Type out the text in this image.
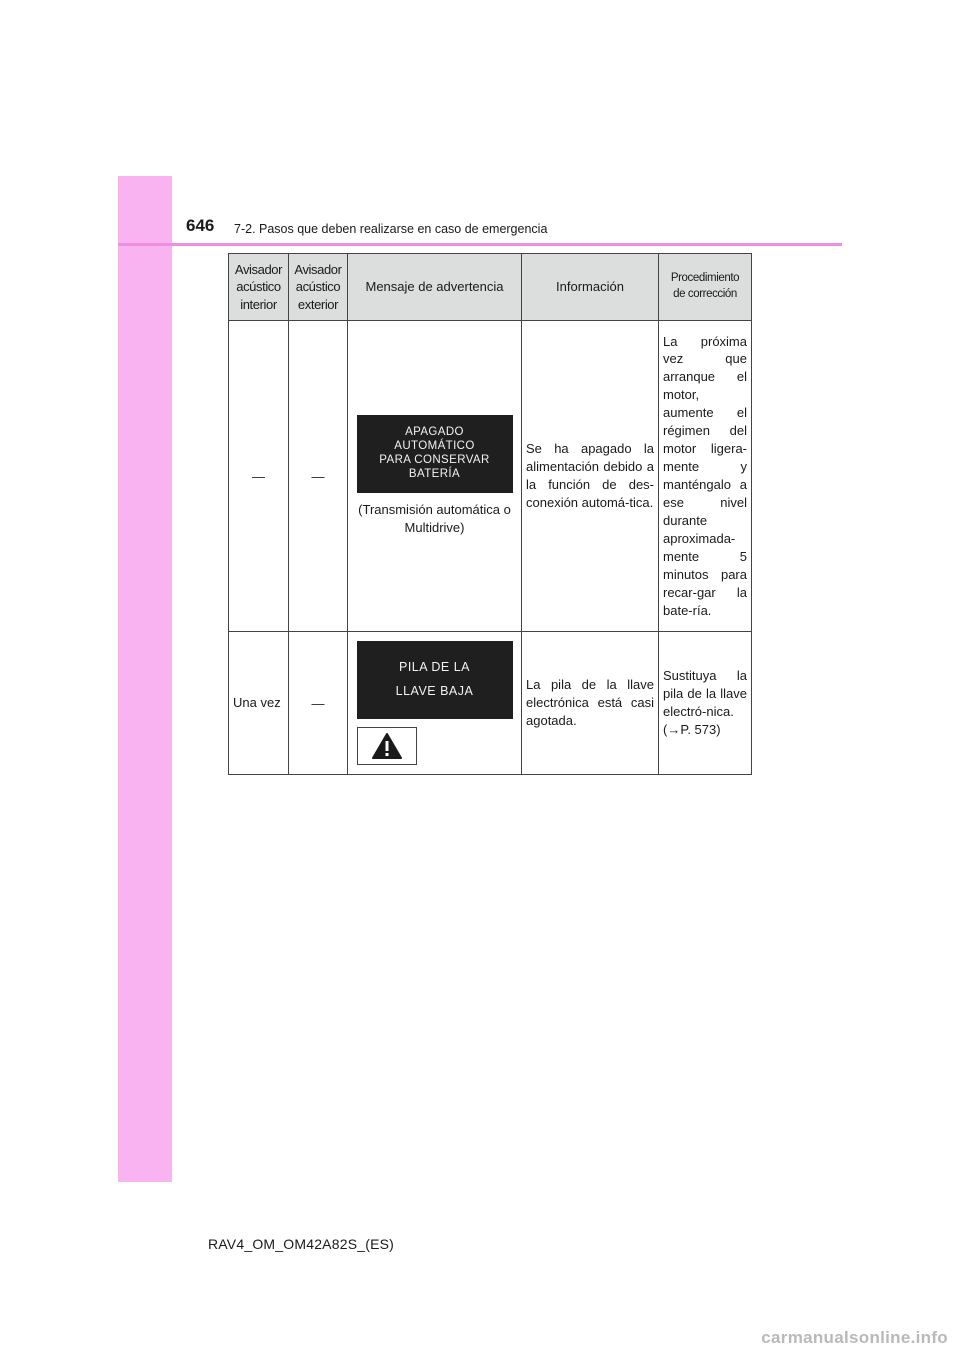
646 7-2. Pasos que deben realizarse en caso de emergencia
Avisador
acústico
interior	Avisador
acústico
exterior	Mensaje de advertencia	Información	Procedimiento
de corrección
—	—	APAGADO
AUTOMÁTICO
PARA CONSERVAR
BATERÍA
(Transmisión automática o Multidrive)	Se ha apagado la alimentación debido a la función de des-conexión automá-tica.	La próxima vez que arranque el motor, aumente el régimen del motor ligera-mente y manténgalo a ese nivel durante aproximada-mente 5 minutos para recar-gar la bate-ría.

Una vez	—	PILA DE LA
LLAVE BAJA	La pila de la llave electrónica está casi agotada.	Sustituya la pila de la llave electró-nica.
(→P. 573)
RAV4_OM_OM42A82S_(ES)
carmanualsonline.info
